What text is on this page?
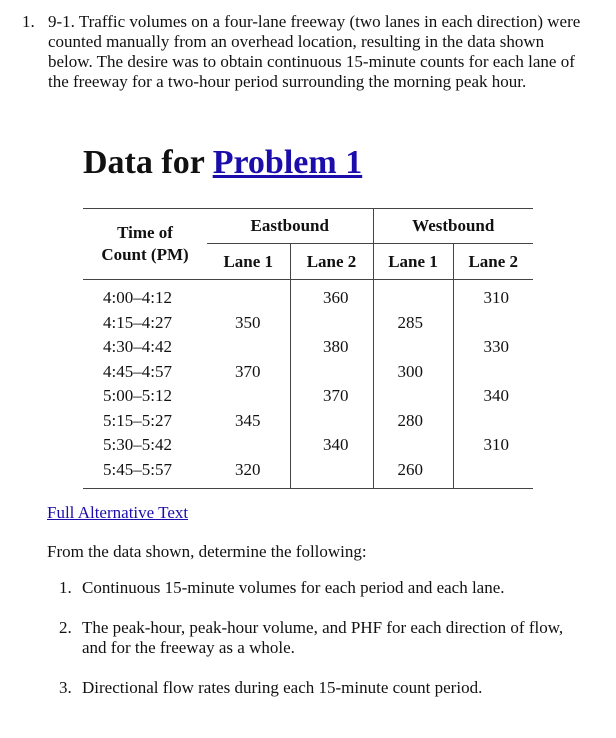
1. 9-1. Traffic volumes on a four-lane freeway (two lanes in each direction) were counted manually from an overhead location, resulting in the data shown below. The desire was to obtain continuous 15-minute counts for each lane of the freeway for a two-hour period surrounding the morning peak hour.
Data for Problem 1
Time of
Count (PM)	Eastbound		Westbound	
	Lane 1	Lane 2	Lane 1	Lane 2
4:00–4:12		360		310
4:15–4:27	350		285	
4:30–4:42		380		330
4:45–4:57	370		300	
5:00–5:12		370		340
5:15–5:27	345		280	
5:30–5:42		340		310
5:45–5:57	320		260	
Full Alternative Text
From the data shown, determine the following:
1. Continuous 15-minute volumes for each period and each lane.
2. The peak-hour, peak-hour volume, and PHF for each direction of flow, and for the freeway as a whole.
3. Directional flow rates during each 15-minute count period.
